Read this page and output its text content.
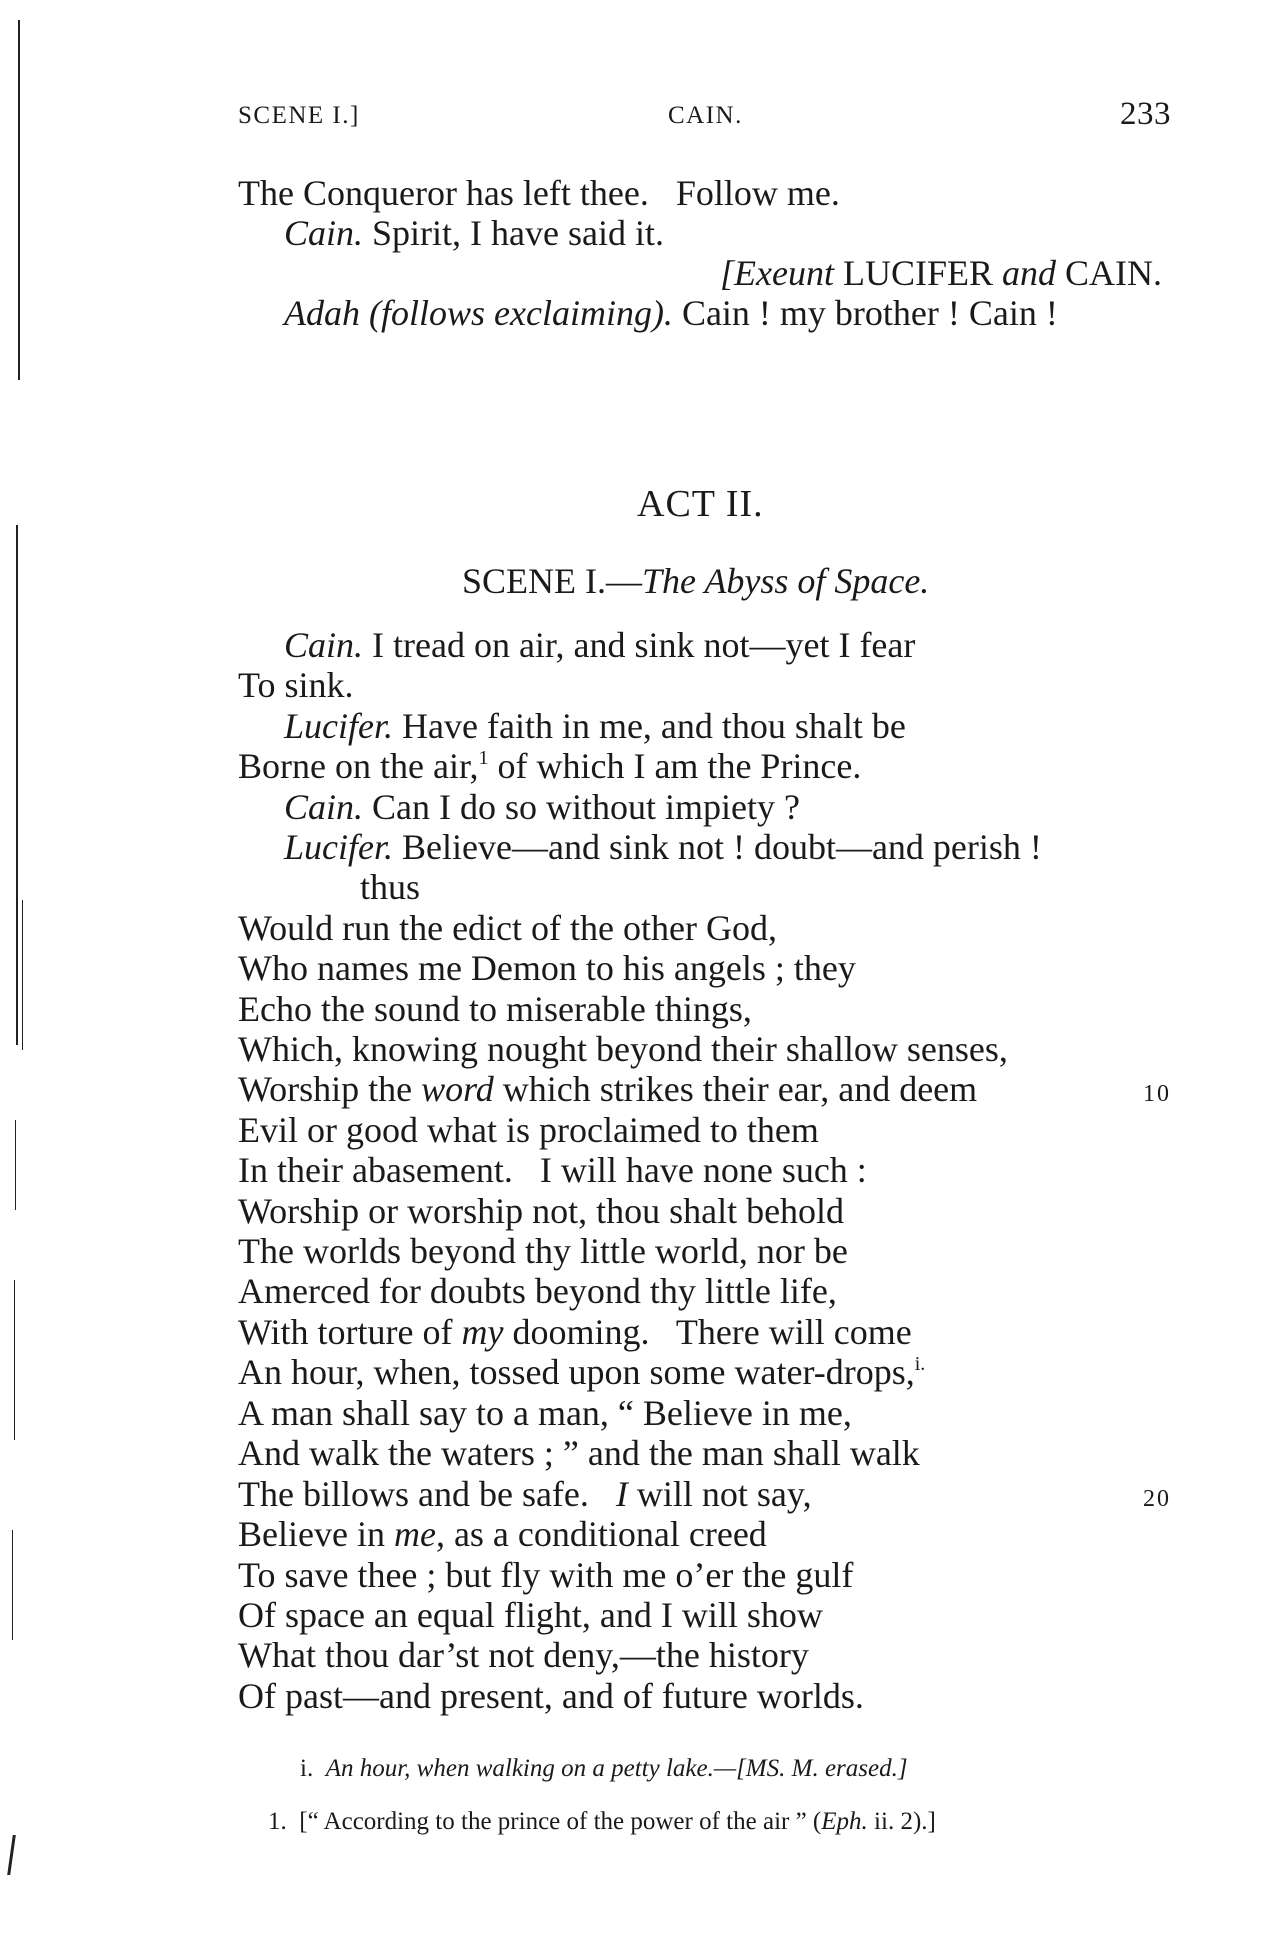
SCENE I.]	CAIN.	233
The Conqueror has left thee.   Follow me.
Cain. Spirit, I have said it.
[Exeunt LUCIFER and CAIN.
Adah (follows exclaiming). Cain ! my brother ! Cain !
ACT II.
SCENE I.—The Abyss of Space.
Cain. I tread on air, and sink not—yet I fear
To sink.
Lucifer. Have faith in me, and thou shalt be
Borne on the air,$^1$ of which I am the Prince.
Cain. Can I do so without impiety ?
Lucifer. Believe—and sink not ! doubt—and perish !
thus
Would run the edict of the other God,
Who names me Demon to his angels ; they
Echo the sound to miserable things,
Which, knowing nought beyond their shallow senses,
Worship the word which strikes their ear, and deem	10
Evil or good what is proclaimed to them
In their abasement.   I will have none such :
Worship or worship not, thou shalt behold
The worlds beyond thy little world, nor be
Amerced for doubts beyond thy little life,
With torture of my dooming.   There will come
An hour, when, tossed upon some water-drops,$^{i.}$
A man shall say to a man, “ Believe in me,
And walk the waters ; ” and the man shall walk
The billows and be safe.   I will not say,	20
Believe in me, as a conditional creed
To save thee ; but fly with me o’er the gulf
Of space an equal flight, and I will show
What thou dar’st not deny,—the history
Of past—and present, and of future worlds.
i. An hour, when walking on a petty lake.—[MS. M. erased.]
1. [“ According to the prince of the power of the air ” (Eph. ii. 2).]
